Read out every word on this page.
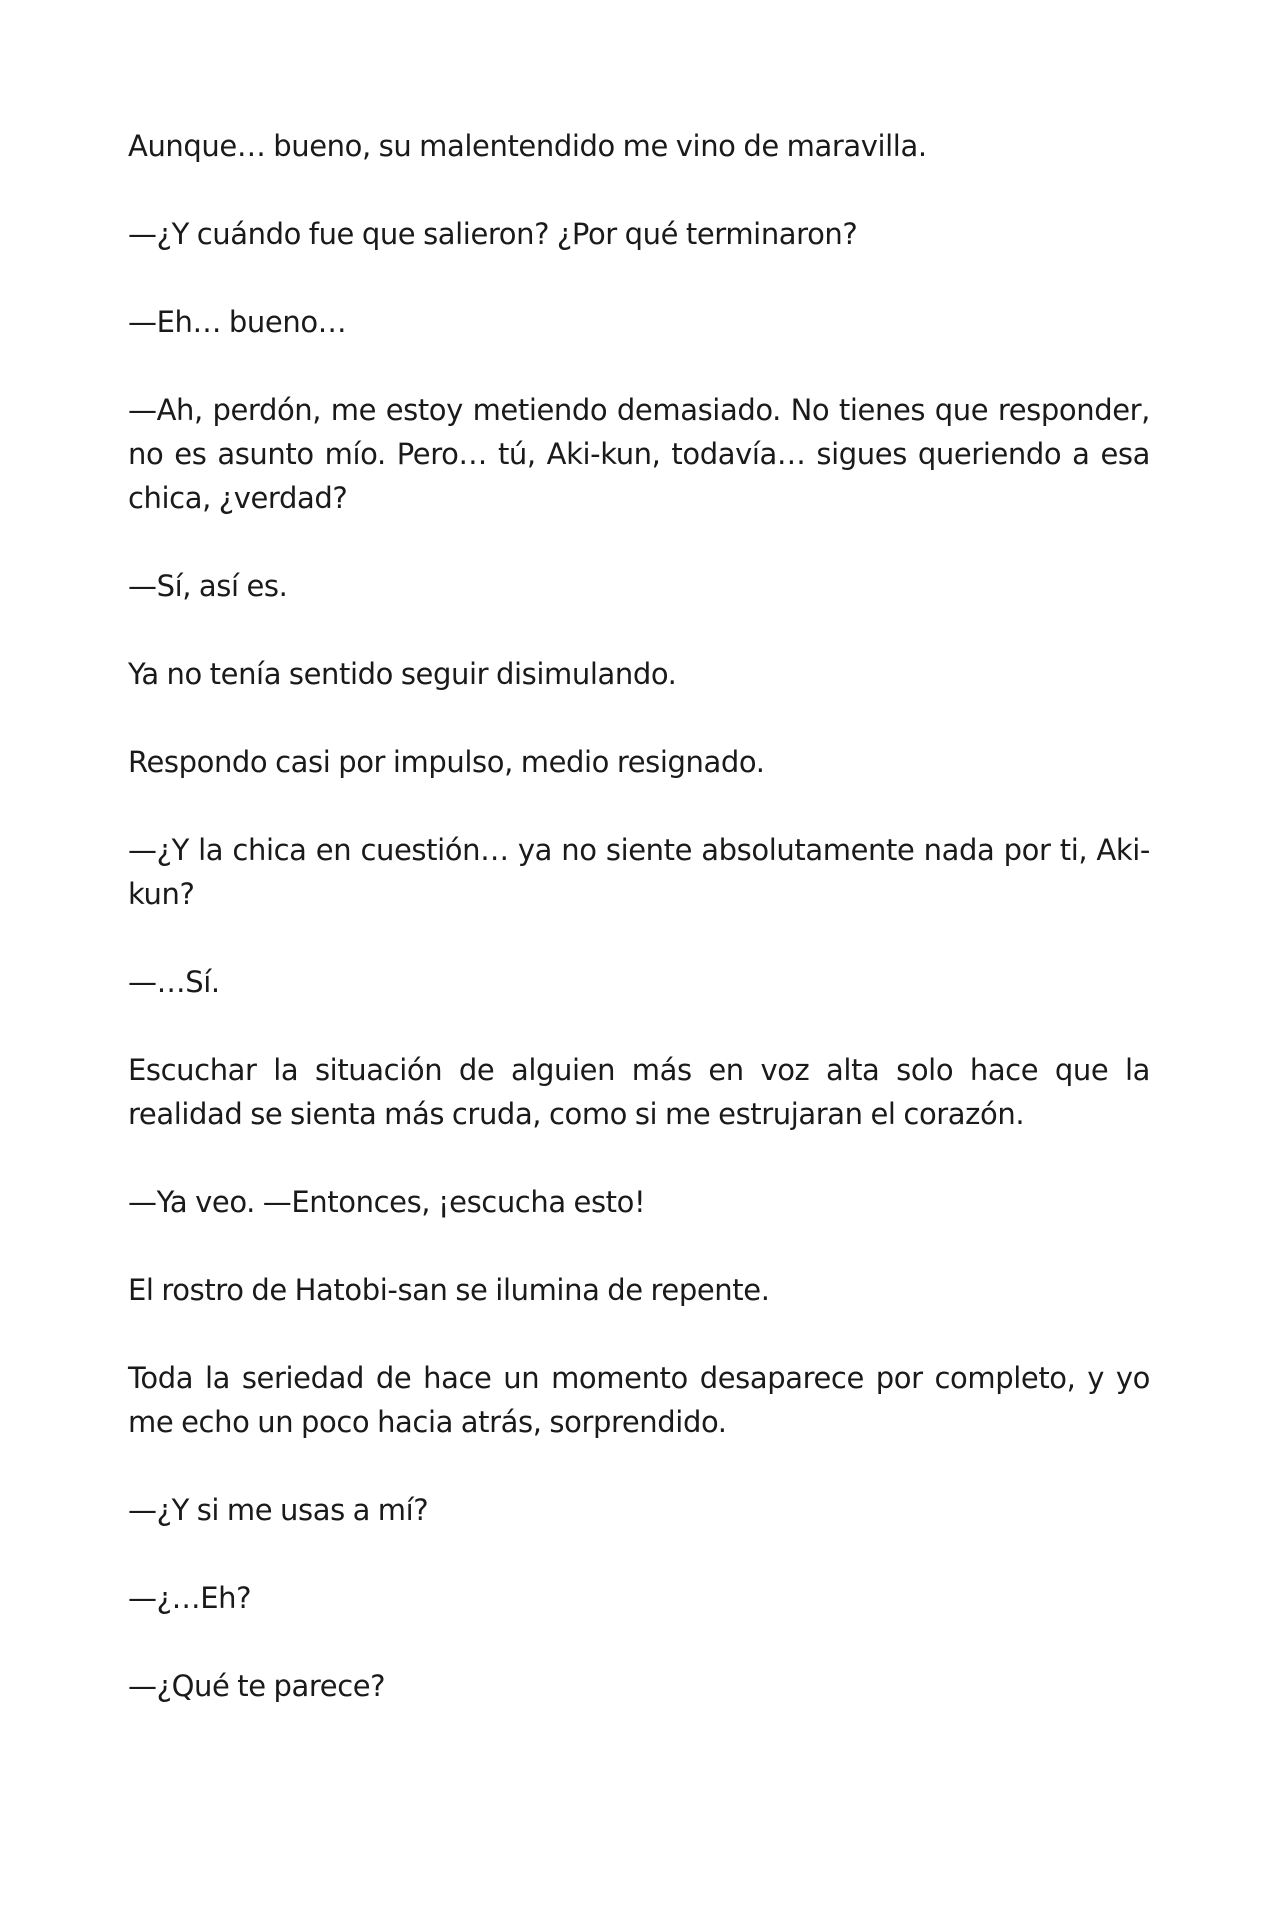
Aunque… bueno, su malentendido me vino de maravilla.

—¿Y cuándo fue que salieron? ¿Por qué terminaron?

—Eh… bueno…

—Ah, perdón, me estoy metiendo demasiado. No tienes que responder, no es asunto mío. Pero… tú, Aki-kun, todavía… sigues queriendo a esa chica, ¿verdad?

—Sí, así es.

Ya no tenía sentido seguir disimulando.

Respondo casi por impulso, medio resignado.

—¿Y la chica en cuestión… ya no siente absolutamente nada por ti, Aki-kun?

—…Sí.

Escuchar la situación de alguien más en voz alta solo hace que la realidad se sienta más cruda, como si me estrujaran el corazón.

—Ya veo. —Entonces, ¡escucha esto!

El rostro de Hatobi-san se ilumina de repente.

Toda la seriedad de hace un momento desaparece por completo, y yo me echo un poco hacia atrás, sorprendido.

—¿Y si me usas a mí?

—¿…Eh?

—¿Qué te parece?
